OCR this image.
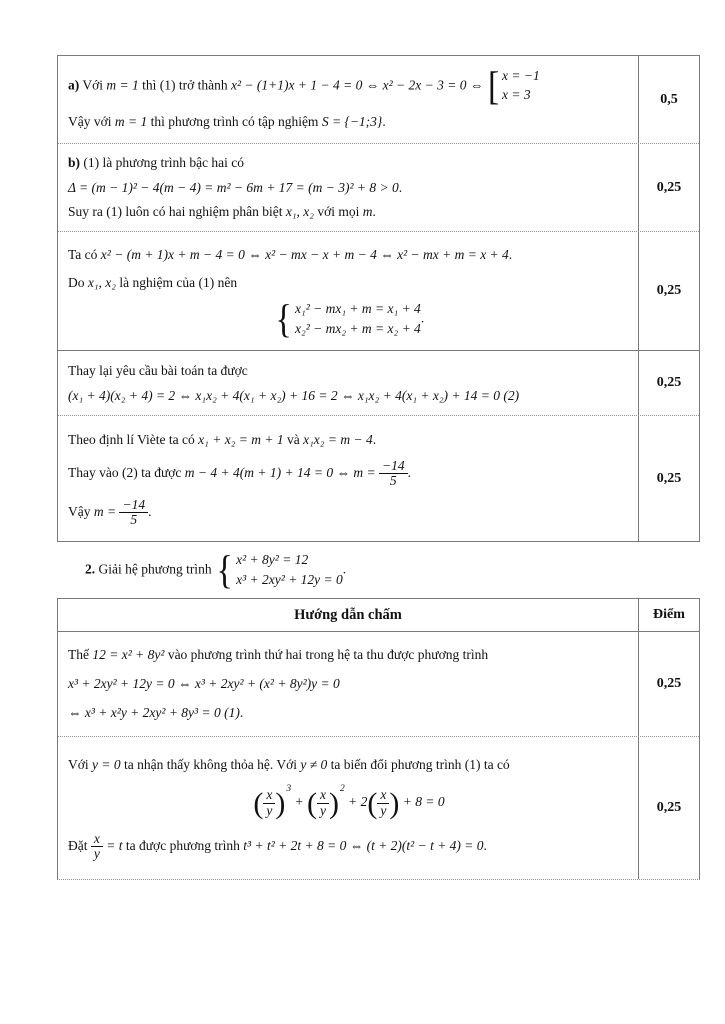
a) Với m = 1 thì (1) trở thành x² − (1+1)x + 1 − 4 = 0 ⇔ x² − 2x − 3 = 0 ⇔ [ x = −1
x = 3
Vậy với m = 1 thì phương trình có tập nghiệm S = {−1;3}.
0,5
b) (1) là phương trình bậc hai có
Δ = (m − 1)² − 4(m − 4) = m² − 6m + 17 = (m − 3)² + 8 > 0.
Suy ra (1) luôn có hai nghiệm phân biệt x₁, x₂ với mọi m.
0,25
Ta có x² − (m + 1)x + m − 4 = 0 ⇔ x² − mx − x + m − 4 ⇔ x² − mx + m = x + 4.
Do x₁, x₂ là nghiệm của (1) nên
{ x₁² − mx₁ + m = x₁ + 4
x₂² − mx₂ + m = x₂ + 4
.
0,25
Thay lại yêu cầu bài toán ta được
(x₁ + 4)(x₂ + 4) = 2 ⇔ x₁x₂ + 4(x₁ + x₂) + 16 = 2 ⇔ x₁x₂ + 4(x₁ + x₂) + 14 = 0 (2)
0,25
Theo định lí Viète ta có x₁ + x₂ = m + 1 và x₁x₂ = m − 4.
Thay vào (2) ta được m − 4 + 4(m + 1) + 14 = 0 ⇔ $m = \frac{-14}{5}$ .
Vậy $m = \frac{-14}{5}$ .
0,25
2. Giải hệ phương trình { x² + 8y² = 12
x³ + 2xy² + 12y = 0
.
Hướng dẫn chấm	Điểm
Thế 12 = x² + 8y² vào phương trình thứ hai trong hệ ta thu được phương trình
x³ + 2xy² + 12y = 0 ⇔ x³ + 2xy² + (x² + 8y²)y = 0
⇔ x³ + x²y + 2xy² + 8y³ = 0 (1).
0,25
Với y = 0 ta nhận thấy không thỏa hệ. Với y ≠ 0 ta biến đổi phương trình (1) ta có
( $\frac{x}{y}$ ) 3
+ ( $\frac{x}{y}$ ) 2
+ 2 ( $\frac{x}{y}$ ) + 8 = 0
Đặt $\frac{x}{y} = t$ ta được phương trình t³ + t² + 2t + 8 = 0 ⇔ (t + 2)(t² − t + 4) = 0.
0,25
